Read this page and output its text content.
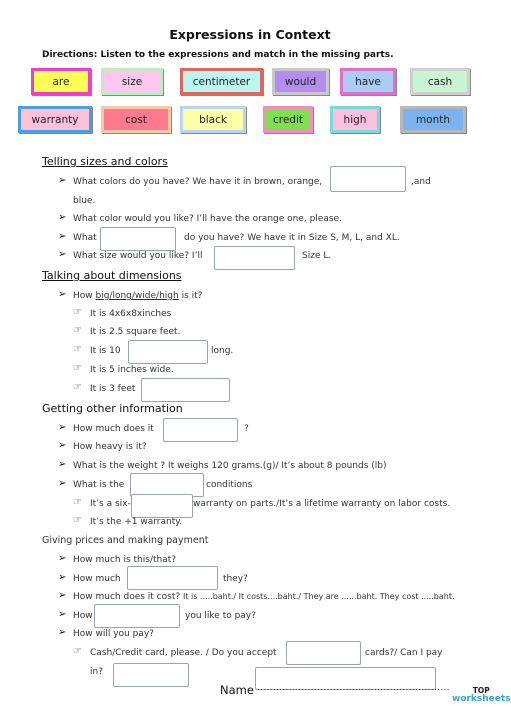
Expressions in Context
Directions: Listen to the expressions and match in the missing parts.
are	size	centimeter	would	have	cash
warranty	cost	black	credit	high	month
Telling sizes and colors
➢ What colors do you have? We have it in brown, orange,	,and
blue.
➢ What color would you like? I’ll have the orange one, please.
➢ What	do you have? We have it in Size S, M, L, and XL.
➢ What size would you like? I’ll	Size L.
Talking about dimensions
➢ How big/long/wide/high is it?
☞ It is 4x6x8xinches
☞ It is 2.5 square feet.
☞ It is 10	long.
☞ It is 5 inches wide.
☞ It is 3 feet
Getting other information
➢ How much does it	?
➢ How heavy is it?
➢ What is the weight ? It weighs 120 grams.(g)/ It’s about 8 pounds (lb)
➢ What is the	conditions
☞ It’s a six-	warranty on parts./It’s a lifetime warranty on labor costs.
☞ It’s the +1 warranty.
Giving prices and making payment
➢ How much is this/that?
➢ How much	they?
➢ How much does it cost? It is .....baht./ It costs....baht./ They are ......baht. They cost .....baht.
➢ How	you like to pay?
➢ How will you pay?
☞ Cash/Credit card, please. / Do you accept	cards?/ Can I pay
in?
Name .............................................................	TOP
worksheets
